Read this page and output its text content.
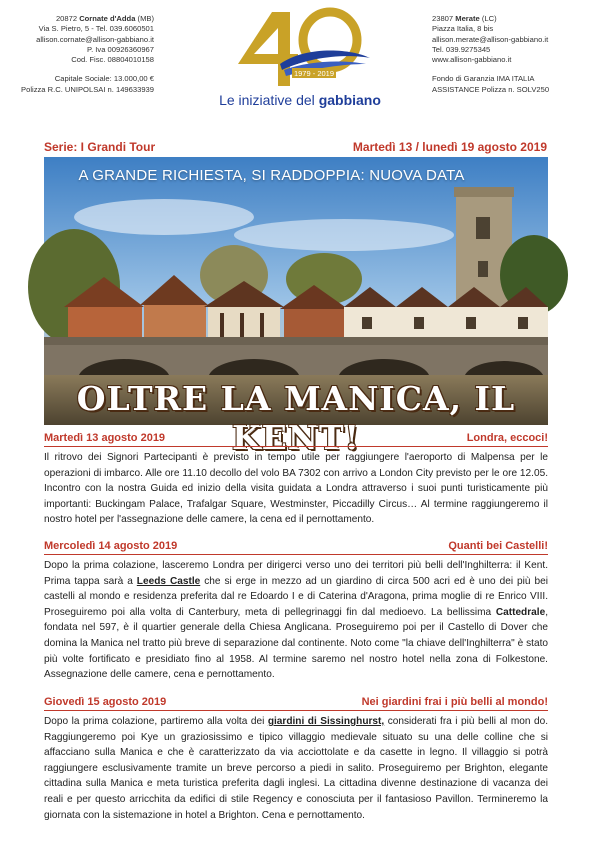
20872 Cornate d'Adda (MB)
Via S. Pietro, 5 - Tel. 039.6060501
allison.cornate@allison-gabbiano.it
P. Iva 00926360967
Cod. Fisc. 08804010158
Capitale Sociale: 13.000,00 €
Polizza R.C. UNIPOLSAI n. 149633939
1979 - 2019
Le iniziative del gabbiano
23807 Merate (LC)
Piazza Italia, 8 bis
allison.merate@allison-gabbiano.it
Tel. 039.9275345
www.allison-gabbiano.it
Fondo di Garanzia IMA ITALIA
ASSISTANCE Polizza n. SOLV250
Serie: I Grandi Tour	Martedì 13 / lunedì 19 agosto 2019
A GRANDE RICHIESTA, SI RADDOPPIA: NUOVA DATA
OLTRE LA MANICA, IL KENT!
Martedì 13 agosto 2019	Londra, eccoci!
Il ritrovo dei Signori Partecipanti è previsto in tempo utile per raggiungere l'aeroporto di Malpensa per le operazioni di imbarco. Alle ore 11.10 decollo del volo BA 7302 con arrivo a London City previsto per le ore 12.05. Incontro con la nostra Guida ed inizio della visita guidata a Londra attraverso i suoi punti turisticamente più importanti: Buckingam Palace, Trafalgar Square, Westminster, Piccadilly Circus… Al termine raggiungeremo il nostro hotel per l'assegnazione delle camere, la cena ed il pernottamento.
Mercoledì 14 agosto 2019	Quanti bei Castelli!
Dopo la prima colazione, lasceremo Londra per dirigerci verso uno dei territori più belli dell'Inghilterra: il Kent. Prima tappa sarà a Leeds Castle che si erge in mezzo ad un giardino di circa 500 acri ed è uno dei più bei castelli al mondo e residenza preferita dal re Edoardo I e di Caterina d'Aragona, prima moglie di re Enrico VIII. Proseguiremo poi alla volta di Canterbury, meta di pellegrinaggi fin dal medioevo. La bellissima Cattedrale, fondata nel 597, è il quartier generale della Chiesa Anglicana. Proseguiremo poi per il Castello di Dover che domina la Manica nel tratto più breve di separazione dal continente. Noto come "la chiave dell'Inghilterra" è stato più volte fortificato e presidiato fino al 1958. Al termine saremo nel nostro hotel nella zona di Folkestone. Assegnazione delle camere, cena e pernottamento.
Giovedì 15 agosto 2019	Nei giardini frai i più belli al mondo!
Dopo la prima colazione, partiremo alla volta dei giardini di Sissinghurst, considerati fra i più belli al mon do. Raggiungeremo poi Kye un graziosissimo e tipico villaggio medievale situato su una delle colline che si affacciano sulla Manica e che è caratterizzato da via acciottolate e da casette in legno. Il villaggio si potrà raggiungere esclusivamente tramite un breve percorso a piedi in salito. Proseguiremo per Brighton, elegante cittadina sulla Manica e meta turistica preferita dagli inglesi. La cittadina divenne destinazione di vacanza dei reali e per questo arricchita da edifici di stile Regency e conosciuta per il fantasioso Pavillon. Termineremo la giornata con la sistemazione in hotel a Brighton. Cena e pernottamento.
